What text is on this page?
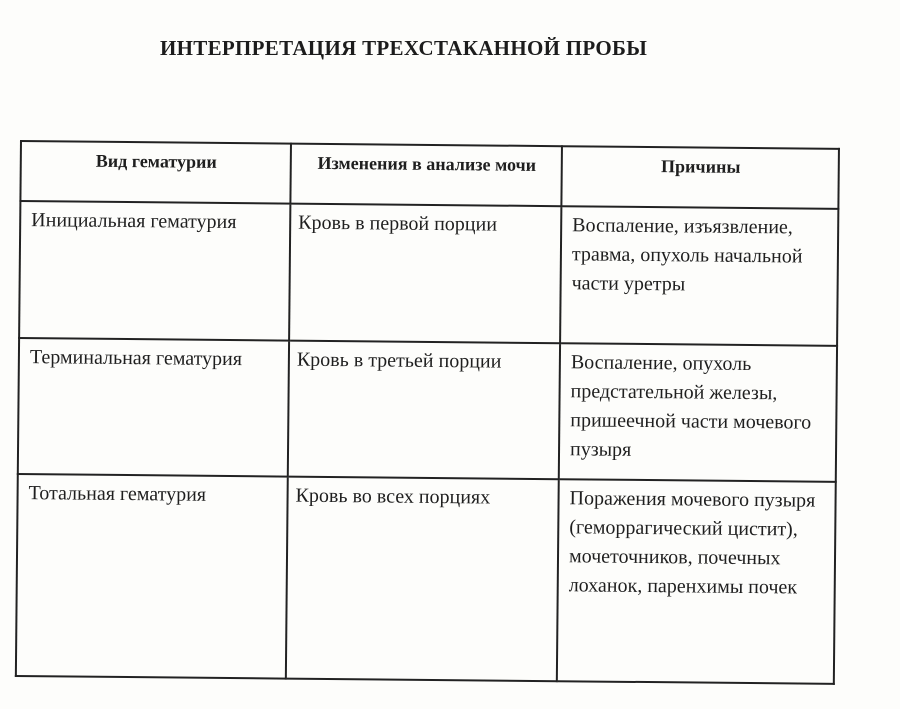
ИНТЕРПРЕТАЦИЯ ТРЕХСТАКАННОЙ ПРОБЫ
Вид гематурии	Изменения в анализе мочи	Причины
Инициальная гематурия	Кровь в первой порции	Воспаление, изъязвление, травма, опухоль начальной части уретры
Терминальная гематурия	Кровь в третьей порции	Воспаление, опухоль предстательной железы, пришеечной части мочевого пузыря
Тотальная гематурия	Кровь во всех порциях	Поражения мочевого пузыря (геморрагический цистит), мочеточников, почечных лоханок, паренхимы почек
